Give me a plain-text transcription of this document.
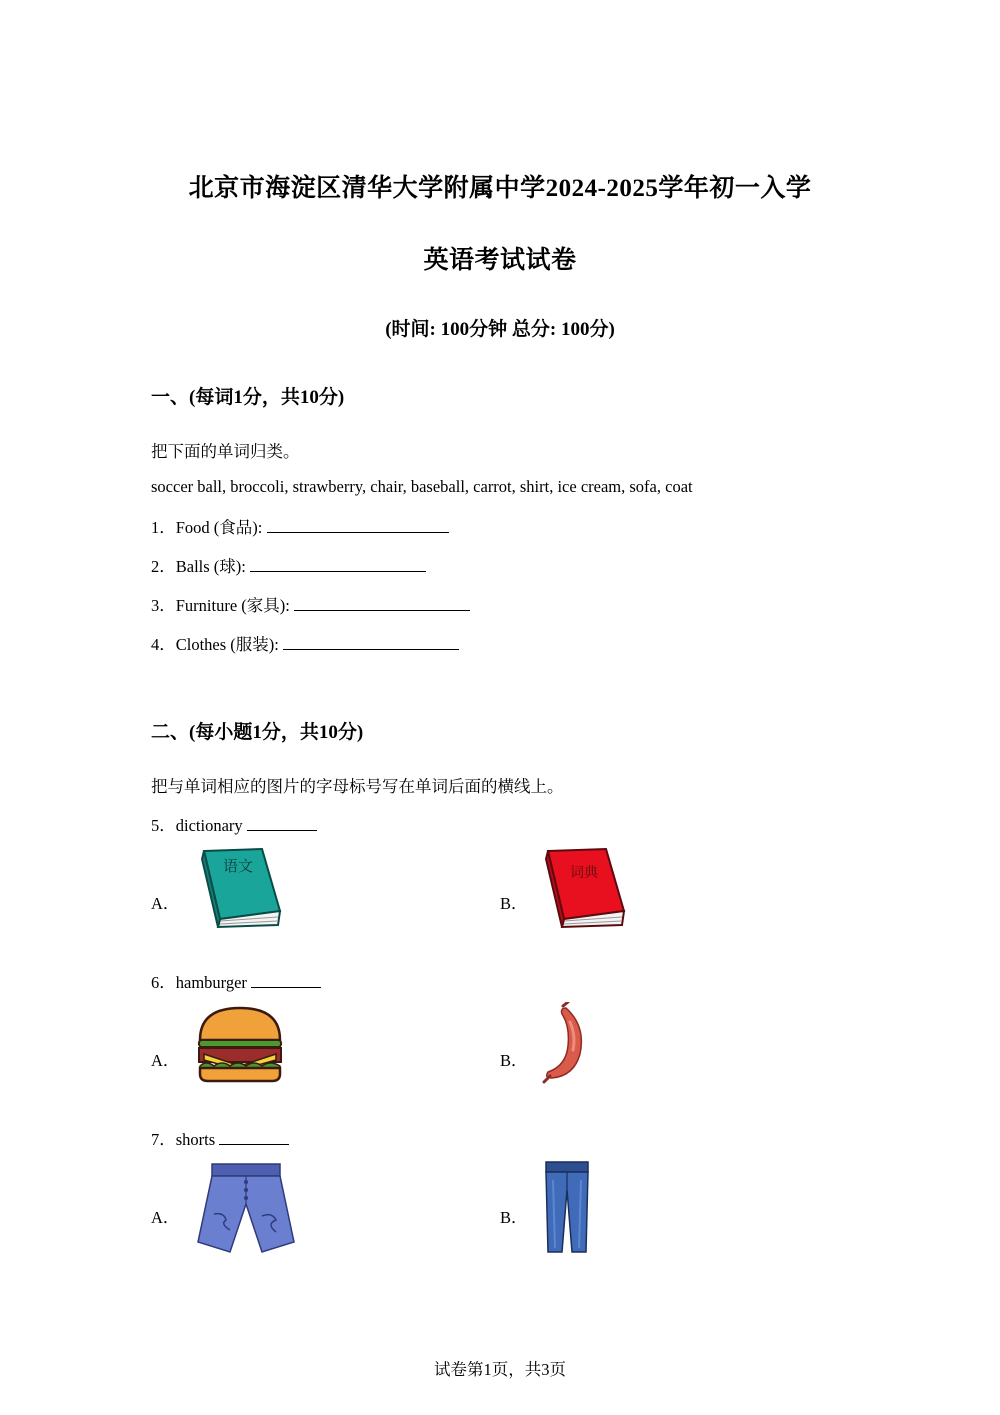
北京市海淀区清华大学附属中学2024-2025学年初一入学
英语考试试卷
(时间: 100分钟 总分: 100分)
一、(每词1分，共10分)
把下面的单词归类。
soccer ball, broccoli, strawberry, chair, baseball, carrot, shirt, ice cream, sofa, coat
1．Food (食品):
2．Balls (球):
3．Furniture (家具):
4．Clothes (服装):
二、(每小题1分，共10分)
把与单词相应的图片的字母标号写在单词后面的横线上。
5．dictionary
A．
语文
B．
词典
6．hamburger
A．	B．
7．shorts
A．	B．
试卷第1页，共3页
